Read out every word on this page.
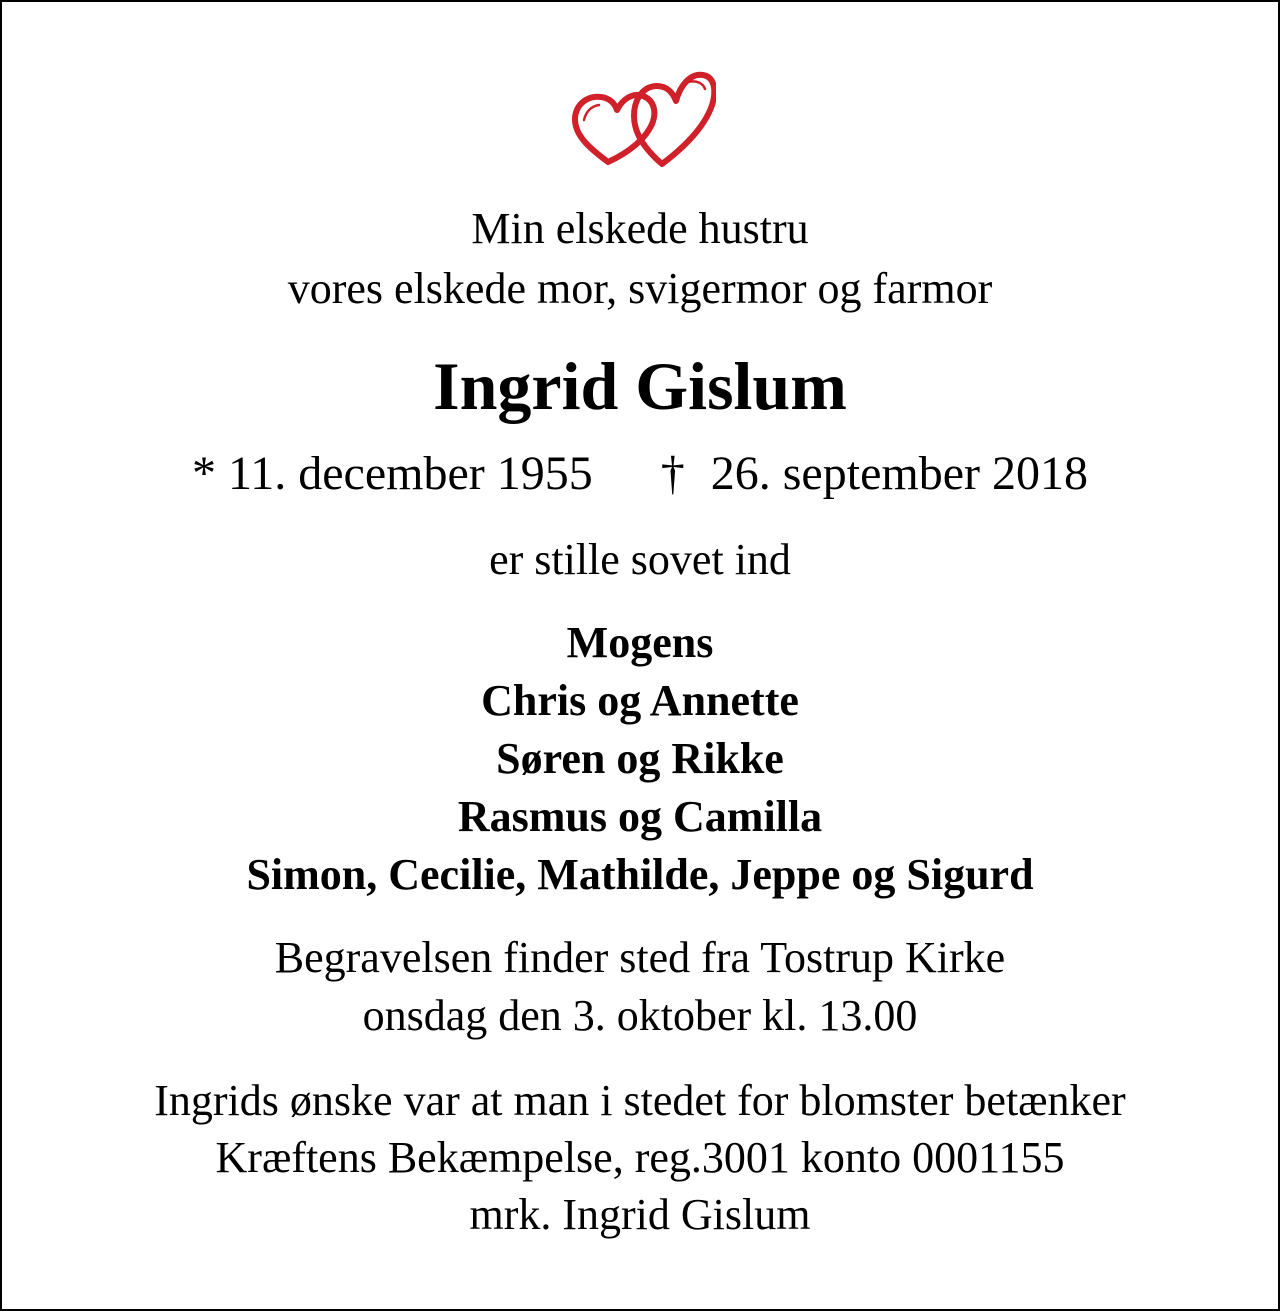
Min elskede hustru
vores elskede mor, svigermor og farmor
Ingrid Gislum
* 11. december 1955 † 26. september 2018
er stille sovet ind
Mogens
Chris og Annette
Søren og Rikke
Rasmus og Camilla
Simon, Cecilie, Mathilde, Jeppe og Sigurd
Begravelsen finder sted fra Tostrup Kirke
onsdag den 3. oktober kl. 13.00
Ingrids ønske var at man i stedet for blomster betænker
Kræftens Bekæmpelse, reg.3001 konto 0001155
mrk. Ingrid Gislum
